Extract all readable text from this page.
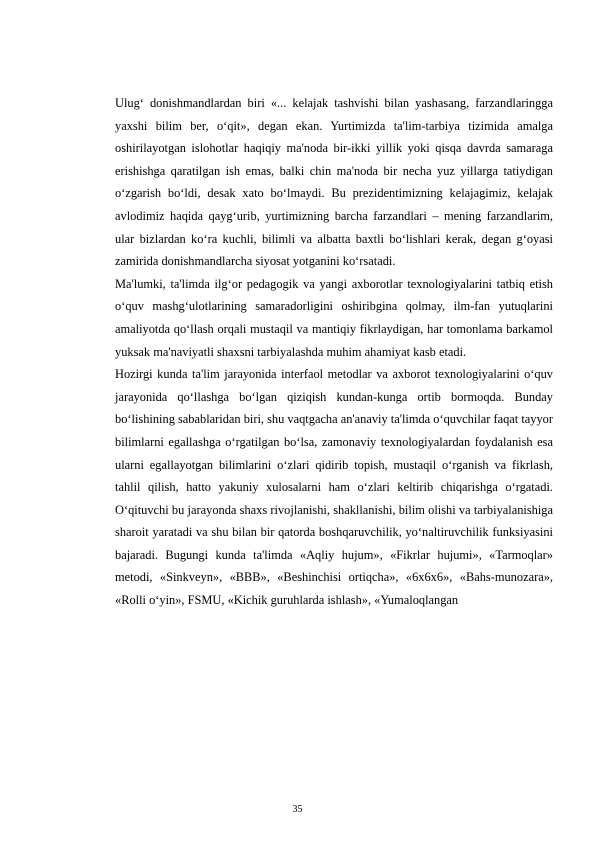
Ulug‘ donishmandlardan biri «... kelajak tashvishi bilan yashasang, farzandlaringga yaxshi bilim ber, o‘qit», degan ekan. Yurtimizda ta'lim-tarbiya tizimida amalga oshirilayotgan islohotlar haqiqiy ma'noda bir-ikki yillik yoki qisqa davrda samaraga erishishga qaratilgan ish emas, balki chin ma'noda bir necha yuz yillarga tatiydigan o‘zgarish bo‘ldi, desak xato bo‘lmaydi. Bu prezidentimizning kelajagimiz, kelajak avlodimiz haqida qayg‘urib, yurtimizning barcha farzandlari – mening farzandlarim, ular bizlardan ko‘ra kuchli, bilimli va albatta baxtli bo‘lishlari kerak, degan g‘oyasi zamirida donishmandlarcha siyosat yotganini ko‘rsatadi.

Ma'lumki, ta'limda ilg‘or pedagogik va yangi axborotlar texnologiyalarini tatbiq etish o‘quv mashg‘ulotlarining samaradorligini oshiribgina qolmay, ilm-fan yutuqlarini amaliyotda qo‘llash orqali mustaqil va mantiqiy fikrlaydigan, har tomonlama barkamol yuksak ma'naviyatli shaxsni tarbiyalashda muhim ahamiyat kasb etadi.

Hozirgi kunda ta'lim jarayonida interfaol metodlar va axborot texnologiyalarini o‘quv jarayonida qo‘llashga bo‘lgan qiziqish kundan-kunga ortib bormoqda. Bunday bo‘lishining sabablaridan biri, shu vaqtgacha an'anaviy ta'limda o‘quvchilar faqat tayyor bilimlarni egallashga o‘rgatilgan bo‘lsa, zamonaviy texnologiyalardan foydalanish esa ularni egallayotgan bilimlarini o‘zlari qidirib topish, mustaqil o‘rganish va fikrlash, tahlil qilish, hatto yakuniy xulosalarni ham o‘zlari keltirib chiqarishga o‘rgatadi. O‘qituvchi bu jarayonda shaxs rivojlanishi, shakllanishi, bilim olishi va tarbiyalanishiga sharoit yaratadi va shu bilan bir qatorda boshqaruvchilik, yo‘naltiruvchilik funksiyasini bajaradi. Bugungi kunda ta'limda «Aqliy hujum», «Fikrlar hujumi», «Tarmoqlar» metodi, «Sinkveyn», «BBB», «Beshinchisi ortiqcha», «6x6x6», «Bahs-munozara», «Rolli o‘yin», FSMU, «Kichik guruhlarda ishlash», «Yumaloqlangan

35
